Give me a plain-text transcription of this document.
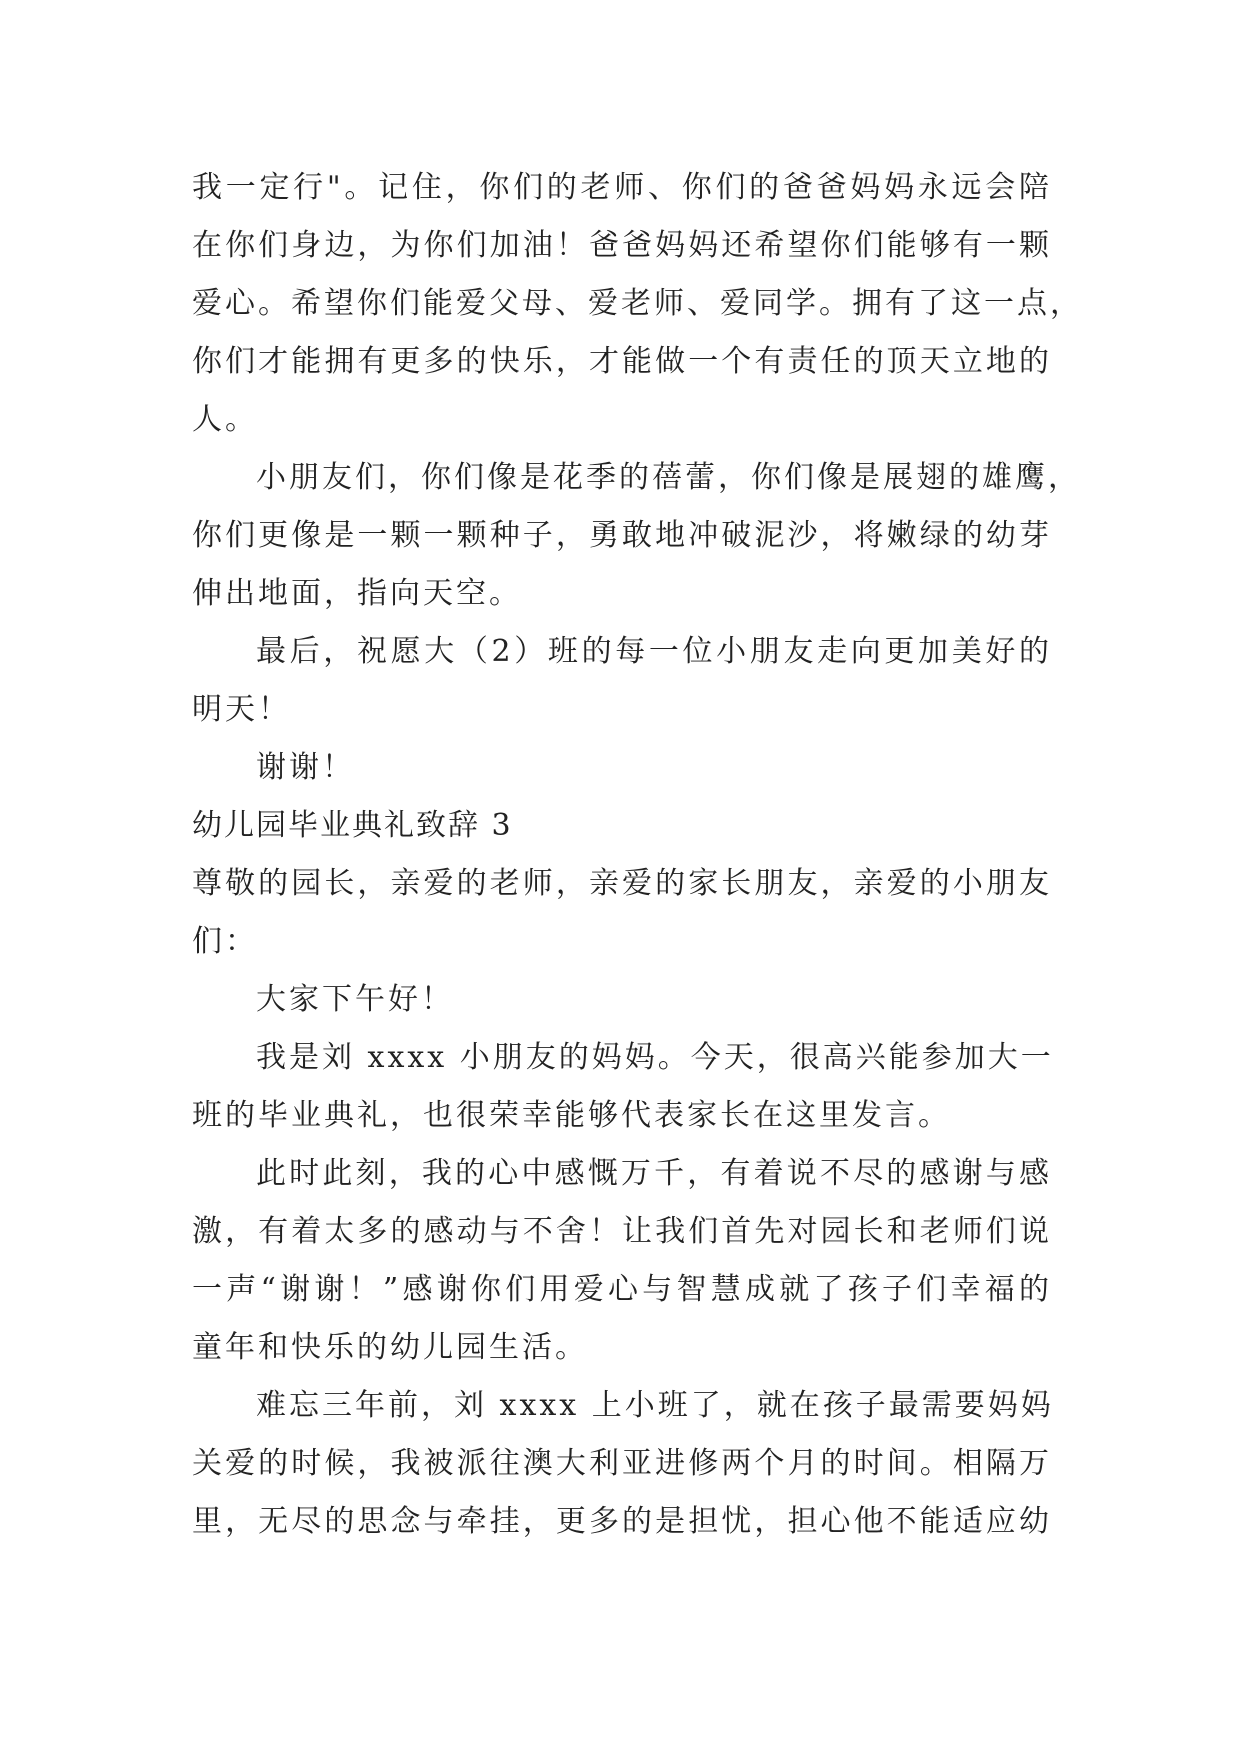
我一定行"。记住，你们的老师、你们的爸爸妈妈永远会陪
在你们身边，为你们加油！爸爸妈妈还希望你们能够有一颗
爱心。希望你们能爱父母、爱老师、爱同学。拥有了这一点，
你们才能拥有更多的快乐，才能做一个有责任的顶天立地的
人。
小朋友们，你们像是花季的蓓蕾，你们像是展翅的雄鹰，
你们更像是一颗一颗种子，勇敢地冲破泥沙，将嫩绿的幼芽
伸出地面，指向天空。
最后，祝愿大（2）班的每一位小朋友走向更加美好的
明天！
谢谢！
幼儿园毕业典礼致辞 3
尊敬的园长，亲爱的老师，亲爱的家长朋友，亲爱的小朋友
们：
大家下午好！
我是刘 xxxx 小朋友的妈妈。今天，很高兴能参加大一
班的毕业典礼，也很荣幸能够代表家长在这里发言。
此时此刻，我的心中感慨万千，有着说不尽的感谢与感
激，有着太多的感动与不舍！让我们首先对园长和老师们说
一声“谢谢！”感谢你们用爱心与智慧成就了孩子们幸福的
童年和快乐的幼儿园生活。
难忘三年前，刘 xxxx 上小班了，就在孩子最需要妈妈
关爱的时候，我被派往澳大利亚进修两个月的时间。相隔万
里，无尽的思念与牵挂，更多的是担忧，担心他不能适应幼
